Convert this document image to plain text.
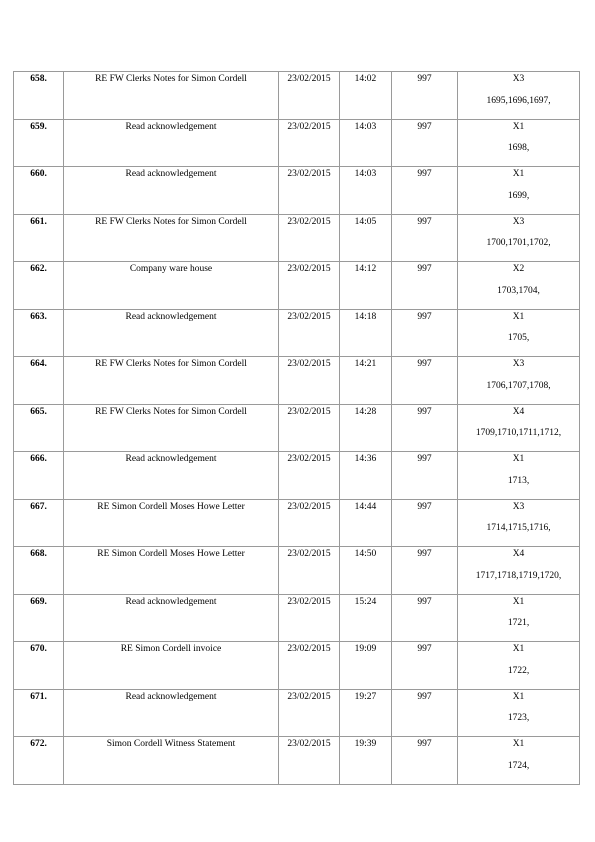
658.	RE FW Clerks Notes for Simon Cordell	23/02/2015	14:02	997	X3
1695,1696,1697,

659.	Read acknowledgement	23/02/2015	14:03	997	X1
1698,

660.	Read acknowledgement	23/02/2015	14:03	997	X1
1699,

661.	RE FW Clerks Notes for Simon Cordell	23/02/2015	14:05	997	X3
1700,1701,1702,

662.	Company ware house	23/02/2015	14:12	997	X2
1703,1704,

663.	Read acknowledgement	23/02/2015	14:18	997	X1
1705,

664.	RE FW Clerks Notes for Simon Cordell	23/02/2015	14:21	997	X3
1706,1707,1708,

665.	RE FW Clerks Notes for Simon Cordell	23/02/2015	14:28	997	X4
1709,1710,1711,1712,

666.	Read acknowledgement	23/02/2015	14:36	997	X1
1713,

667.	RE Simon Cordell Moses Howe Letter	23/02/2015	14:44	997	X3
1714,1715,1716,

668.	RE Simon Cordell Moses Howe Letter	23/02/2015	14:50	997	X4
1717,1718,1719,1720,

669.	Read acknowledgement	23/02/2015	15:24	997	X1
1721,

670.	RE Simon Cordell invoice	23/02/2015	19:09	997	X1
1722,

671.	Read acknowledgement	23/02/2015	19:27	997	X1
1723,

672.	Simon Cordell Witness Statement	23/02/2015	19:39	997	X1
1724,
